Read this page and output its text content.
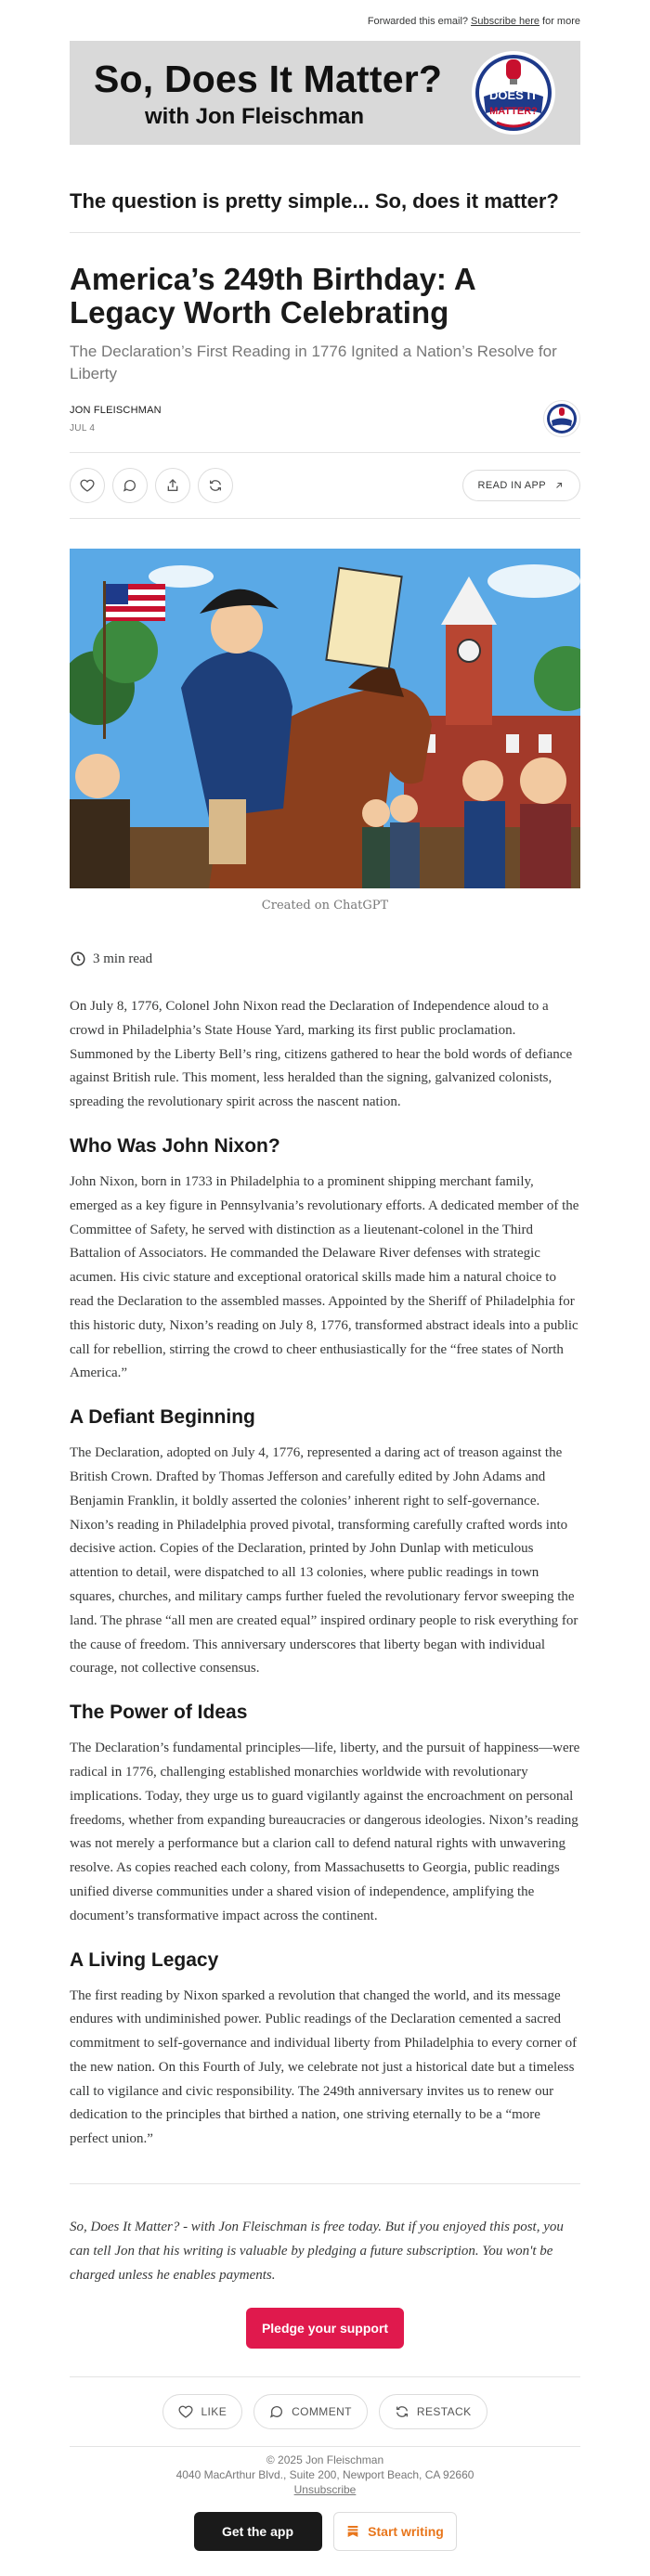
Forwarded this email? Subscribe here for more
So, Does It Matter?
with Jon Fleischman
DOES IT
MATTER?
The question is pretty simple... So, does it matter?
America’s 249th Birthday: A Legacy Worth Celebrating
The Declaration’s First Reading in 1776 Ignited a Nation’s Resolve for Liberty
JON FLEISCHMAN
JUL 4
READ IN APP
Created on ChatGPT
3 min read

On July 8, 1776, Colonel John Nixon read the Declaration of Independence aloud to a crowd in Philadelphia’s State House Yard, marking its first public proclamation. Summoned by the Liberty Bell’s ring, citizens gathered to hear the bold words of defiance against British rule. This moment, less heralded than the signing, galvanized colonists, spreading the revolutionary spirit across the nascent nation.

Who Was John Nixon?

John Nixon, born in 1733 in Philadelphia to a prominent shipping merchant family, emerged as a key figure in Pennsylvania’s revolutionary efforts. A dedicated member of the Committee of Safety, he served with distinction as a lieutenant-colonel in the Third Battalion of Associators. He commanded the Delaware River defenses with strategic acumen. His civic stature and exceptional oratorical skills made him a natural choice to read the Declaration to the assembled masses. Appointed by the Sheriff of Philadelphia for this historic duty, Nixon’s reading on July 8, 1776, transformed abstract ideals into a public call for rebellion, stirring the crowd to cheer enthusiastically for the “free states of North America.”

A Defiant Beginning

The Declaration, adopted on July 4, 1776, represented a daring act of treason against the British Crown. Drafted by Thomas Jefferson and carefully edited by John Adams and Benjamin Franklin, it boldly asserted the colonies’ inherent right to self-governance. Nixon’s reading in Philadelphia proved pivotal, transforming carefully crafted words into decisive action. Copies of the Declaration, printed by John Dunlap with meticulous attention to detail, were dispatched to all 13 colonies, where public readings in town squares, churches, and military camps further fueled the revolutionary fervor sweeping the land. The phrase “all men are created equal” inspired ordinary people to risk everything for the cause of freedom. This anniversary underscores that liberty began with individual courage, not collective consensus.

The Power of Ideas

The Declaration’s fundamental principles—life, liberty, and the pursuit of happiness—were radical in 1776, challenging established monarchies worldwide with revolutionary implications. Today, they urge us to guard vigilantly against the encroachment on personal freedoms, whether from expanding bureaucracies or dangerous ideologies. Nixon’s reading was not merely a performance but a clarion call to defend natural rights with unwavering resolve. As copies reached each colony, from Massachusetts to Georgia, public readings unified diverse communities under a shared vision of independence, amplifying the document’s transformative impact across the continent.

A Living Legacy

The first reading by Nixon sparked a revolution that changed the world, and its message endures with undiminished power. Public readings of the Declaration cemented a sacred commitment to self-governance and individual liberty from Philadelphia to every corner of the new nation. On this Fourth of July, we celebrate not just a historical date but a timeless call to vigilance and civic responsibility. The 249th anniversary invites us to renew our dedication to the principles that birthed a nation, one striving eternally to be a “more perfect union.”

So, Does It Matter? - with Jon Fleischman is free today. But if you enjoyed this post, you can tell Jon that his writing is valuable by pledging a future subscription. You won't be charged unless he enables payments.
Pledge your support
LIKE	COMMENT	RESTACK
© 2025 Jon Fleischman
4040 MacArthur Blvd., Suite 200, Newport Beach, CA 92660
Unsubscribe
Get the app	Start writing
